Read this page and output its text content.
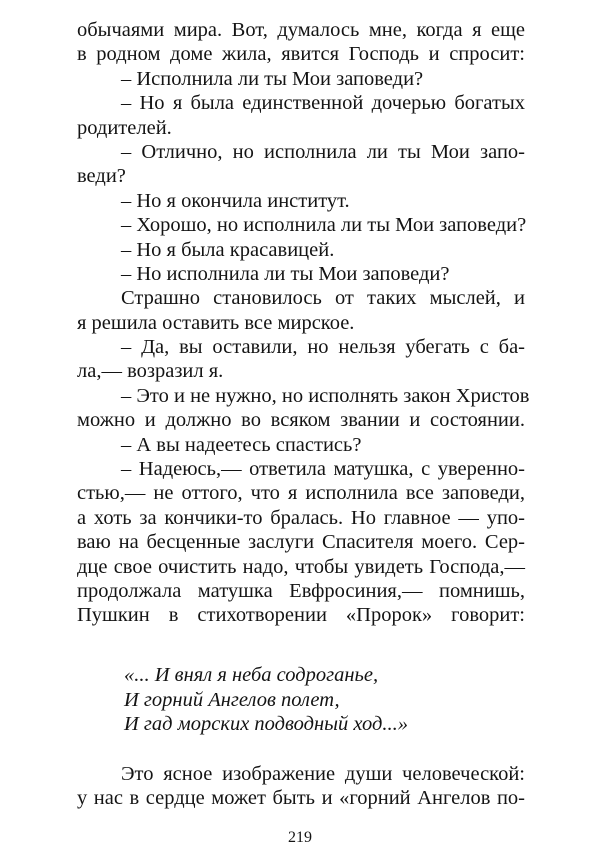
обычаями мира. Вот, думалось мне, когда я еще
в родном доме жила, явится Господь и спросит:
– Исполнила ли ты Мои заповеди?
– Но я была единственной дочерью богатых
родителей.
– Отлично, но исполнила ли ты Мои запо-
веди?
– Но я окончила институт.
– Хорошо, но исполнила ли ты Мои заповеди?
– Но я была красавицей.
– Но исполнила ли ты Мои заповеди?
Страшно становилось от таких мыслей, и
я решила оставить все мирское.
– Да, вы оставили, но нельзя убегать с ба-
ла,— возразил я.
– Это и не нужно, но исполнять закон Христов
можно и должно во всяком звании и состоянии.
– А вы надеетесь спастись?
– Надеюсь,— ответила матушка, с уверенно-
стью,— не оттого, что я исполнила все заповеди,
а хоть за кончики-то бралась. Но главное — упо-
ваю на бесценные заслуги Спасителя моего. Сер-
дце свое очистить надо, чтобы увидеть Господа,—
продолжала матушка Евфросиния,— помнишь,
Пушкин в стихотворении «Пророк» говорит:
«... И внял я неба содроганье,
И горний Ангелов полет,
И гад морских подводный ход...»
Это ясное изображение души человеческой:
у нас в сердце может быть и «горний Ангелов по-
219
